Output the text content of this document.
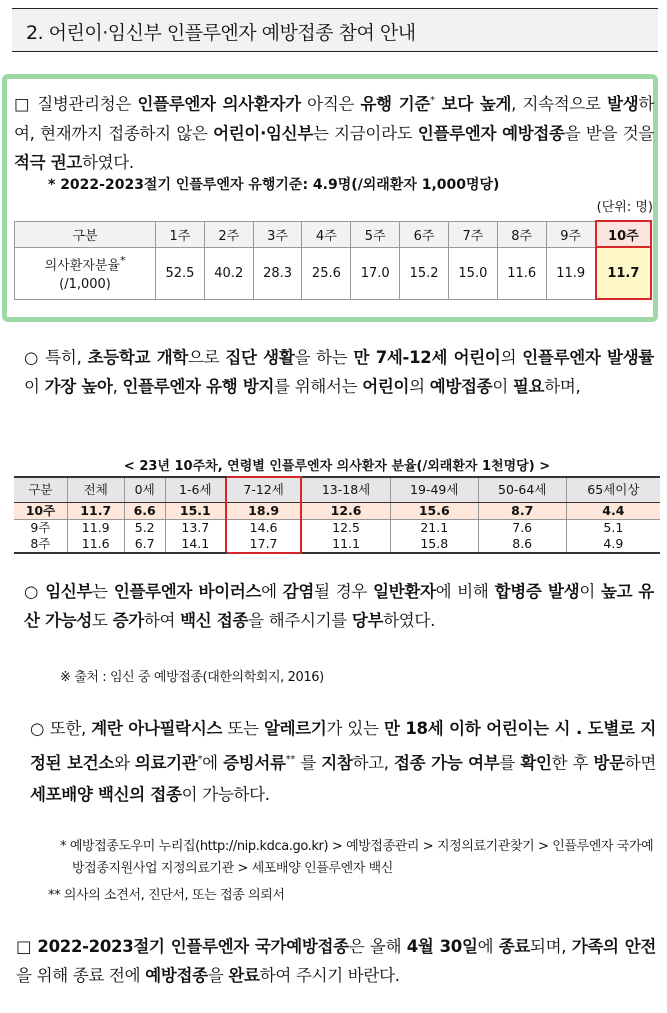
2. 어린이·임신부 인플루엔자 예방접종 참여 안내
□ 질병관리청은 인플루엔자 의사환자가 아직은 유행 기준* 보다 높게, 지속적으로 발생하여, 현재까지 접종하지 않은 어린이·임신부는 지금이라도 인플루엔자 예방접종을 받을 것을 적극 권고하였다.
* 2022-2023절기 인플루엔자 유행기준: 4.9명(/외래환자 1,000명당)
(단위: 명)
구분	1주	2주	3주	4주	5주	6주	7주	8주	9주	10주
의사환자분율*
(/1,000)	52.5	40.2	28.3	25.6	17.0	15.2	15.0	11.6	11.9	11.7
○ 특히, 초등학교 개학으로 집단 생활을 하는 만 7세-12세 어린이의 인플루엔자 발생률이 가장 높아, 인플루엔자 유행 방지를 위해서는 어린이의 예방접종이 필요하며,
< 23년 10주차, 연령별 인플루엔자 의사환자 분율(/외래환자 1천명당) >
구분	전체	0세	1-6세	7-12세	13-18세	19-49세	50-64세	65세이상
10주	11.7	6.6	15.1	18.9	12.6	15.6	8.7	4.4
9주	11.9	5.2	13.7	14.6	12.5	21.1	7.6	5.1
8주	11.6	6.7	14.1	17.7	11.1	15.8	8.6	4.9
○ 임신부는 인플루엔자 바이러스에 감염될 경우 일반환자에 비해 합병증 발생이 높고 유산 가능성도 증가하여 백신 접종을 해주시기를 당부하였다.
※ 출처 : 임신 중 예방접종(대한의학회지, 2016)
○ 또한, 계란 아나필락시스 또는 알레르기가 있는 만 18세 이하 어린이는 시 . 도별로 지정된 보건소와 의료기관*에 증빙서류** 를 지참하고, 접종 가능 여부를 확인한 후 방문하면 세포배양 백신의 접종이 가능하다.
* 예방접종도우미 누리집(http://nip.kdca.go.kr) > 예방접종관리 > 지정의료기관찾기 > 인플루엔자 국가예방접종지원사업 지정의료기관 > 세포배양 인플루엔자 백신
** 의사의 소견서, 진단서, 또는 접종 의뢰서
□ 2022-2023절기 인플루엔자 국가예방접종은 올해 4월 30일에 종료되며, 가족의 안전을 위해 종료 전에 예방접종을 완료하여 주시기 바란다.
